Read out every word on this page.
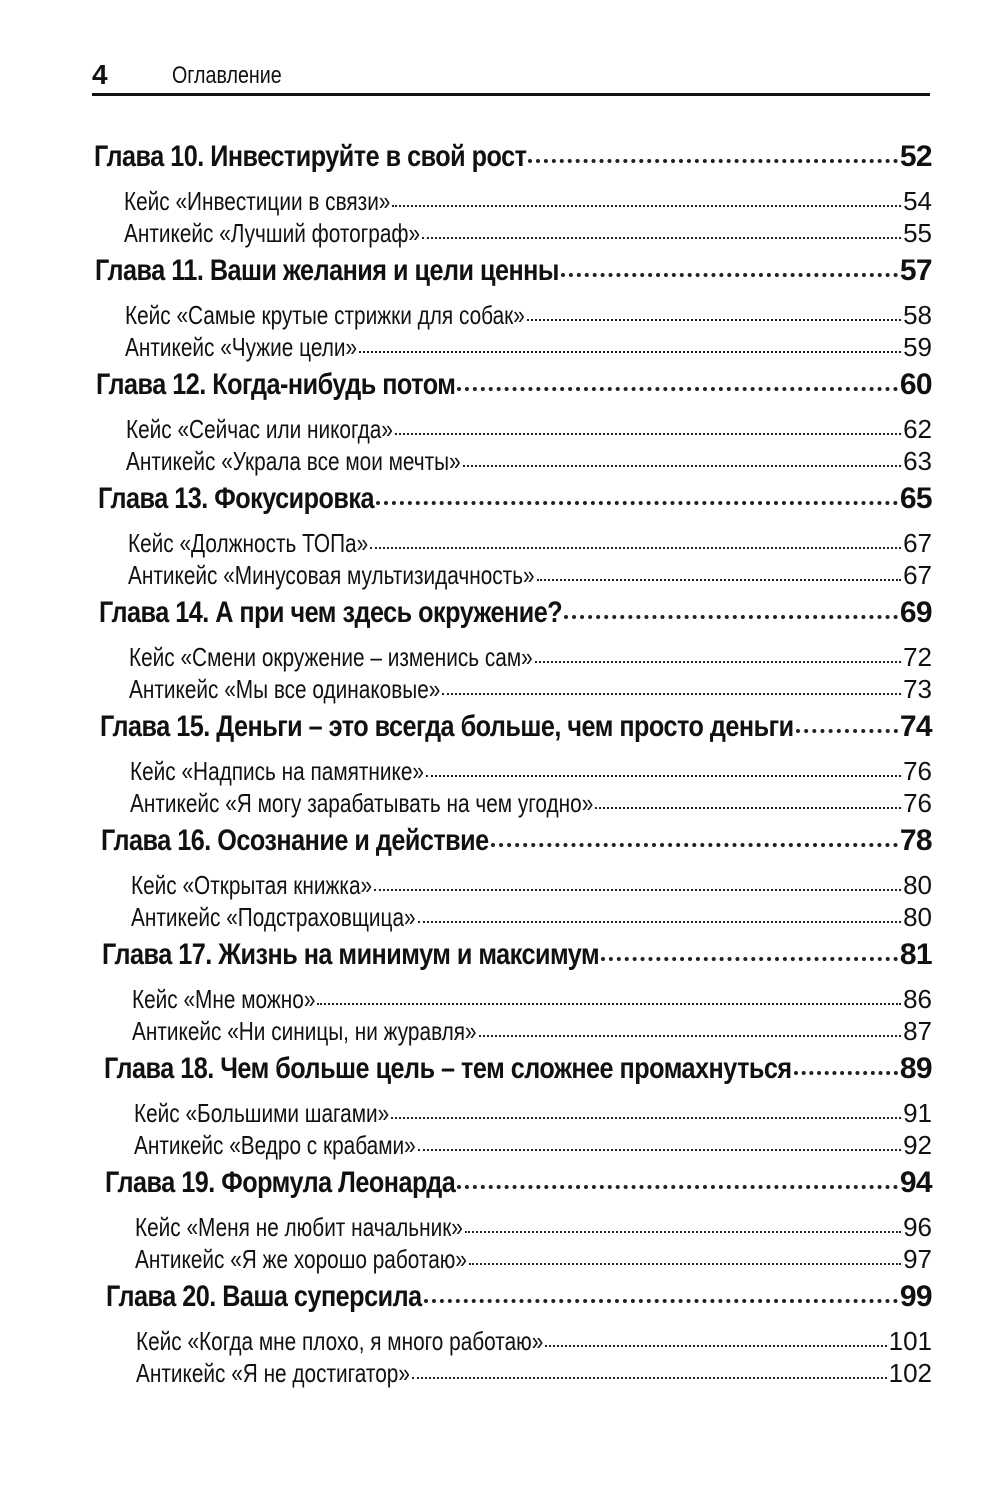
4	Оглавление
Глава 10. Инвестируйте в свой рост	52
Кейс «Инвестиции в связи»	54
Антикейс «Лучший фотограф»	55
Глава 11. Ваши желания и цели ценны	57
Кейс «Самые крутые стрижки для собак»	58
Антикейс «Чужие цели»	59
Глава 12. Когда-нибудь потом	60
Кейс «Сейчас или никогда»	62
Антикейс «Украла все мои мечты»	63
Глава 13. Фокусировка	65
Кейс «Должность ТОПа»	67
Антикейс «Минусовая мультизидачность»	67
Глава 14. А при чем здесь окружение?	69
Кейс «Смени окружение – изменись сам»	72
Антикейс «Мы все одинаковые»	73
Глава 15. Деньги – это всегда больше, чем просто деньги	74
Кейс «Надпись на памятнике»	76
Антикейс «Я могу зарабатывать на чем угодно»	76
Глава 16. Осознание и действие	78
Кейс «Открытая книжка»	80
Антикейс «Подстраховщица»	80
Глава 17. Жизнь на минимум и максимум	81
Кейс «Мне можно»	86
Антикейс «Ни синицы, ни журавля»	87
Глава 18. Чем больше цель – тем сложнее промахнуться	89
Кейс «Большими шагами»	91
Антикейс «Ведро с крабами»	92
Глава 19. Формула Леонарда	94
Кейс «Меня не любит начальник»	96
Антикейс «Я же хорошо работаю»	97
Глава 20. Ваша суперсила	99
Кейс «Когда мне плохо, я много работаю»	101
Антикейс «Я не достигатор»	102
